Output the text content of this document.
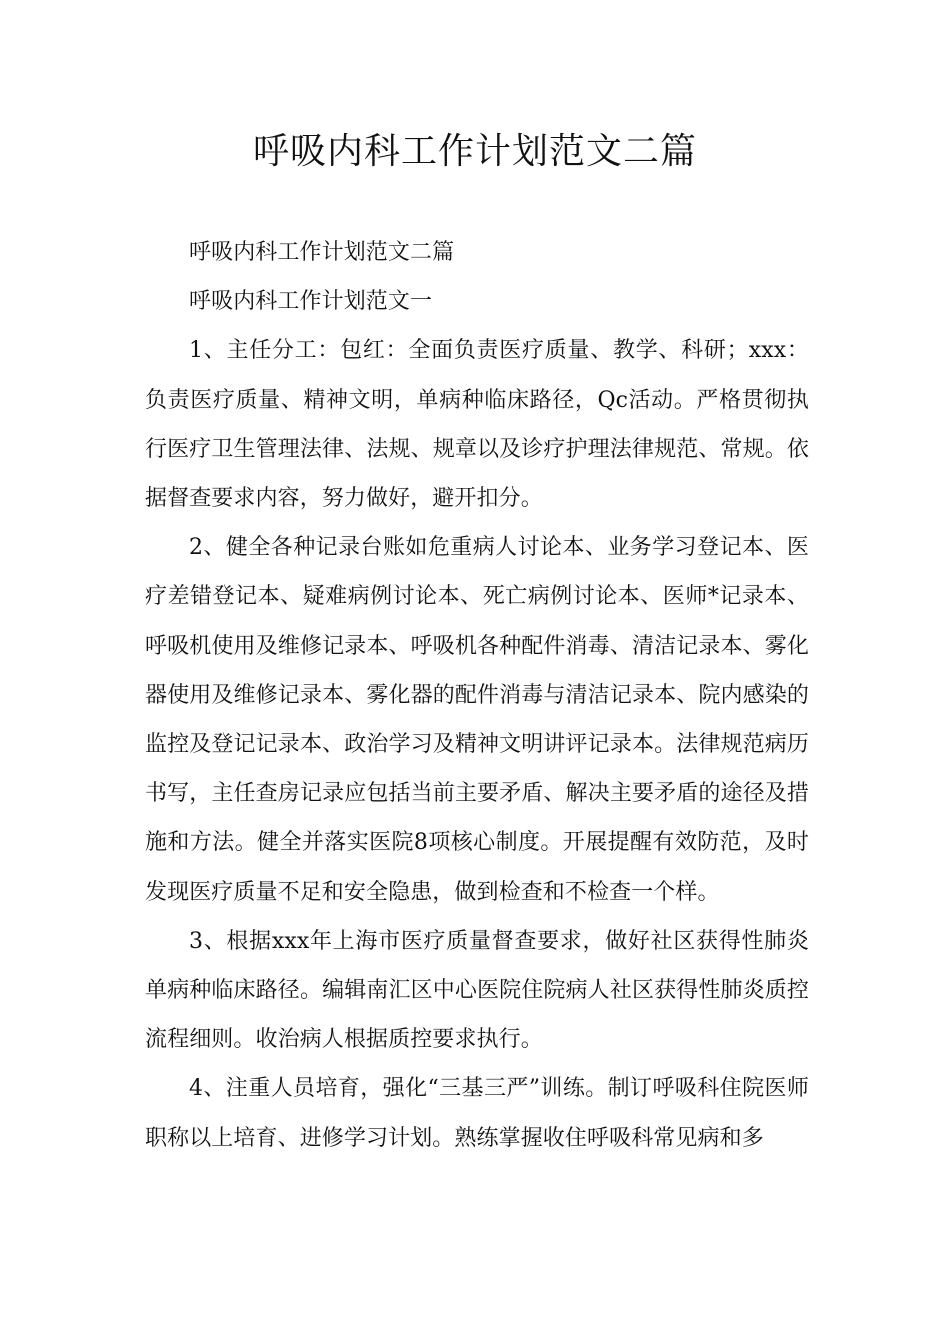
呼吸内科工作计划范文二篇

呼吸内科工作计划范文二篇

呼吸内科工作计划范文一

1、主任分工：包红：全面负责医疗质量、教学、科研；xxx：负责医疗质量、精神文明，单病种临床路径，Qc活动。严格贯彻执行医疗卫生管理法律、法规、规章以及诊疗护理法律规范、常规。依据督查要求内容，努力做好，避开扣分。

2、健全各种记录台账如危重病人讨论本、业务学习登记本、医疗差错登记本、疑难病例讨论本、死亡病例讨论本、医师*记录本、呼吸机使用及维修记录本、呼吸机各种配件消毒、清洁记录本、雾化器使用及维修记录本、雾化器的配件消毒与清洁记录本、院内感染的监控及登记记录本、政治学习及精神文明讲评记录本。法律规范病历书写，主任查房记录应包括当前主要矛盾、解决主要矛盾的途径及措施和方法。健全并落实医院8项核心制度。开展提醒有效防范，及时发现医疗质量不足和安全隐患，做到检查和不检查一个样。

3、根据xxx年上海市医疗质量督查要求，做好社区获得性肺炎单病种临床路径。编辑南汇区中心医院住院病人社区获得性肺炎质控流程细则。收治病人根据质控要求执行。

4、注重人员培育，强化“三基三严”训练。制订呼吸科住院医师职称以上培育、进修学习计划。熟练掌握收住呼吸科常见病和多
